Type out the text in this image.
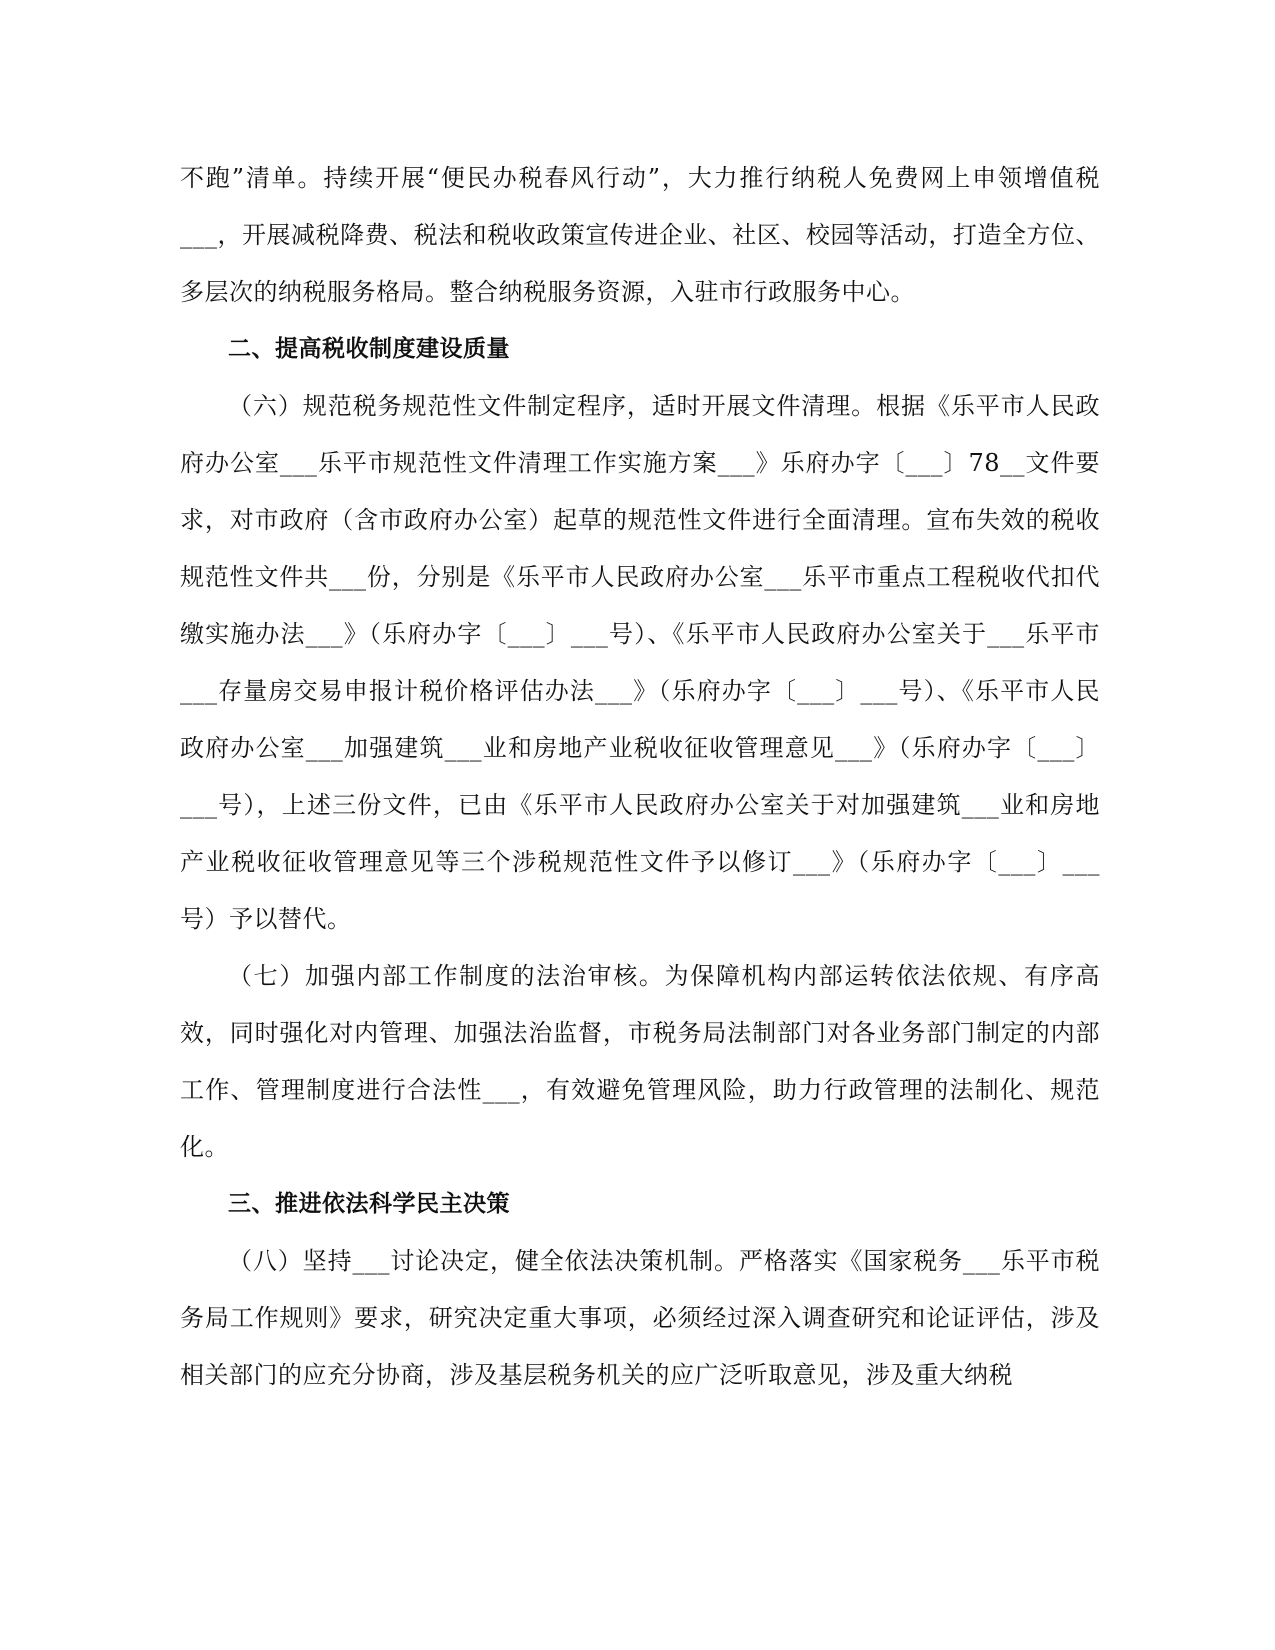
不跑”清单。持续开展“便民办税春风行动”，大力推行纳税人免费网上申领增值税___，开展减税降费、税法和税收政策宣传进企业、社区、校园等活动，打造全方位、多层次的纳税服务格局。整合纳税服务资源，入驻市行政服务中心。

二、提高税收制度建设质量

（六）规范税务规范性文件制定程序，适时开展文件清理。根据《乐平市人民政府办公室___乐平市规范性文件清理工作实施方案___》乐府办字〔___〕78__文件要求，对市政府（含市政府办公室）起草的规范性文件进行全面清理。宣布失效的税收规范性文件共___份，分别是《乐平市人民政府办公室___乐平市重点工程税收代扣代缴实施办法___》（乐府办字〔___〕___号）、《乐平市人民政府办公室关于___乐平市___存量房交易申报计税价格评估办法___》（乐府办字〔___〕___号）、《乐平市人民政府办公室___加强建筑___业和房地产业税收征收管理意见___》（乐府办字〔___〕___号），上述三份文件，已由《乐平市人民政府办公室关于对加强建筑___业和房地产业税收征收管理意见等三个涉税规范性文件予以修订___》（乐府办字〔___〕___号）予以替代。

（七）加强内部工作制度的法治审核。为保障机构内部运转依法依规、有序高效，同时强化对内管理、加强法治监督，市税务局法制部门对各业务部门制定的内部工作、管理制度进行合法性___，有效避免管理风险，助力行政管理的法制化、规范化。

三、推进依法科学民主决策

（八）坚持___讨论决定，健全依法决策机制。严格落实《国家税务___乐平市税务局工作规则》要求，研究决定重大事项，必须经过深入调查研究和论证评估，涉及相关部门的应充分协商，涉及基层税务机关的应广泛听取意见，涉及重大纳税
